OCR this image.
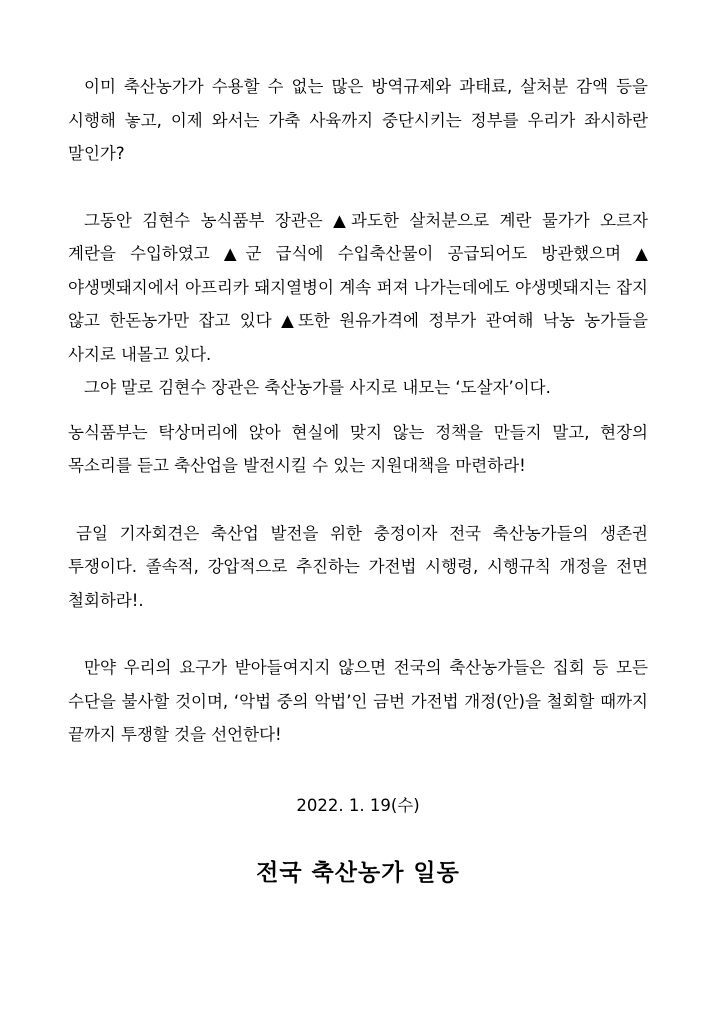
이미 축산농가가 수용할 수 없는 많은 방역규제와 과태료, 살처분 감액 등을 시행해 놓고, 이제 와서는 가축 사육까지 중단시키는 정부를 우리가 좌시하란 말인가?

그동안 김현수 농식품부 장관은 ▲과도한 살처분으로 계란 물가가 오르자 계란을 수입하였고 ▲군 급식에 수입축산물이 공급되어도 방관했으며 ▲야생멧돼지에서 아프리카 돼지열병이 계속 퍼져 나가는데에도 야생멧돼지는 잡지 않고 한돈농가만 잡고 있다 ▲또한 원유가격에 정부가 관여해 낙농 농가들을 사지로 내몰고 있다.

그야 말로 김현수 장관은 축산농가를 사지로 내모는 ‘도살자’이다.

농식품부는 탁상머리에 앉아 현실에 맞지 않는 정책을 만들지 말고, 현장의 목소리를 듣고 축산업을 발전시킬 수 있는 지원대책을 마련하라!

금일 기자회견은 축산업 발전을 위한 충정이자 전국 축산농가들의 생존권 투쟁이다. 졸속적, 강압적으로 추진하는 가전법 시행령, 시행규칙 개정을 전면 철회하라!.

만약 우리의 요구가 받아들여지지 않으면 전국의 축산농가들은 집회 등 모든 수단을 불사할 것이며, ‘악법 중의 악법’인 금번 가전법 개정(안)을 철회할 때까지 끝까지 투쟁할 것을 선언한다!

2022. 1. 19(수)
전국 축산농가 일동
